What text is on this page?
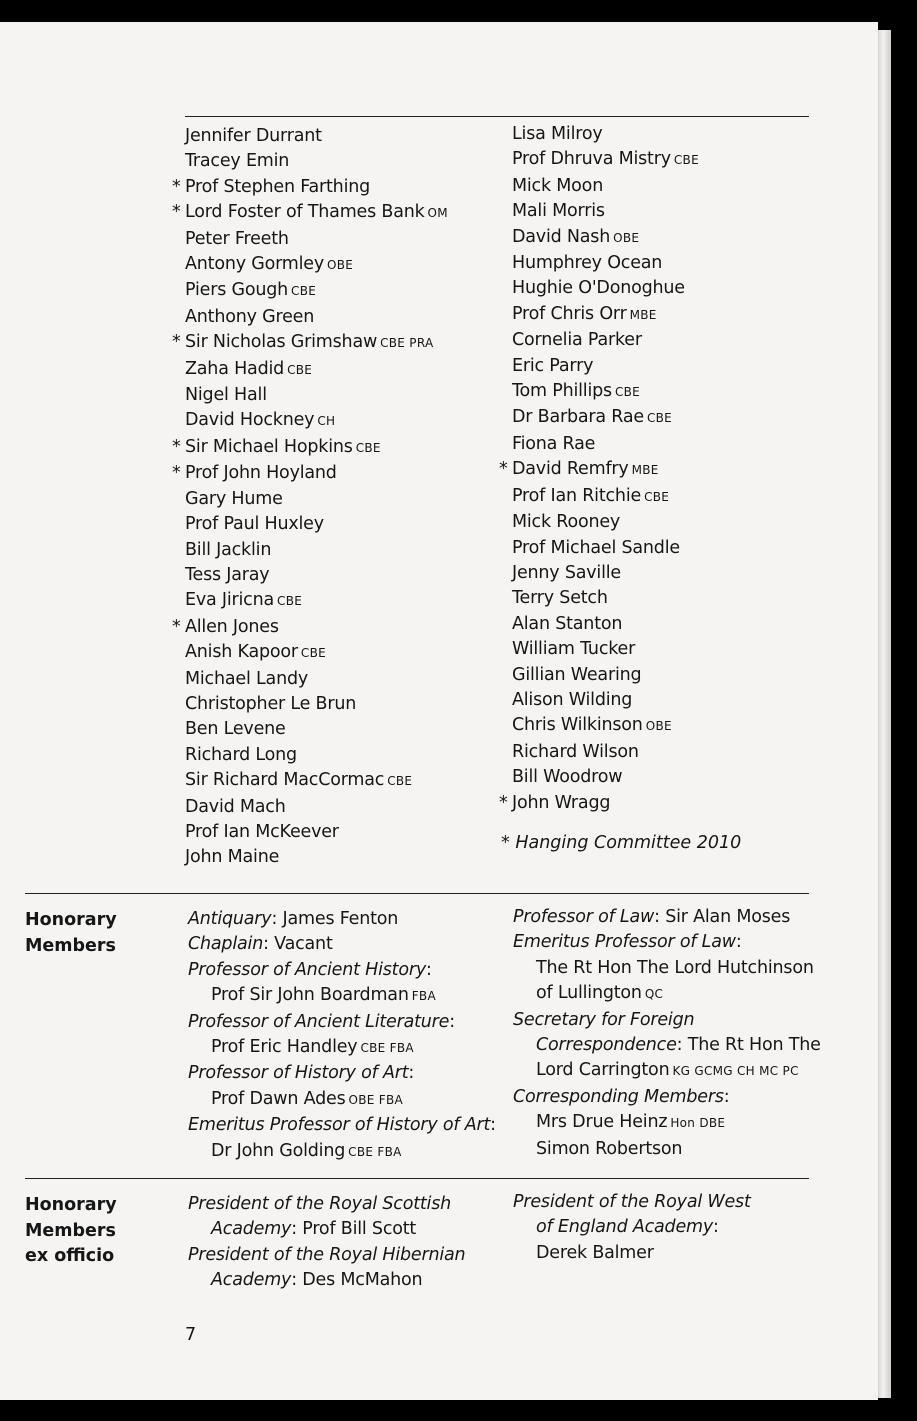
Jennifer Durrant
Tracey Emin
* Prof Stephen Farthing
* Lord Foster of Thames Bank OM
Peter Freeth
Antony Gormley OBE
Piers Gough CBE
Anthony Green
* Sir Nicholas Grimshaw CBE PRA
Zaha Hadid CBE
Nigel Hall
David Hockney CH
* Sir Michael Hopkins CBE
* Prof John Hoyland
Gary Hume
Prof Paul Huxley
Bill Jacklin
Tess Jaray
Eva Jiricna CBE
* Allen Jones
Anish Kapoor CBE
Michael Landy
Christopher Le Brun
Ben Levene
Richard Long
Sir Richard MacCormac CBE
David Mach
Prof Ian McKeever
John Maine
Lisa Milroy
Prof Dhruva Mistry CBE
Mick Moon
Mali Morris
David Nash OBE
Humphrey Ocean
Hughie O'Donoghue
Prof Chris Orr MBE
Cornelia Parker
Eric Parry
Tom Phillips CBE
Dr Barbara Rae CBE
Fiona Rae
* David Remfry MBE
Prof Ian Ritchie CBE
Mick Rooney
Prof Michael Sandle
Jenny Saville
Terry Setch
Alan Stanton
William Tucker
Gillian Wearing
Alison Wilding
Chris Wilkinson OBE
Richard Wilson
Bill Woodrow
* John Wragg
* Hanging Committee 2010
Honorary
Members
Antiquary: James Fenton
Chaplain: Vacant
Professor of Ancient History:
Prof Sir John Boardman FBA
Professor of Ancient Literature:
Prof Eric Handley CBE FBA
Professor of History of Art:
Prof Dawn Ades OBE FBA
Emeritus Professor of History of Art:
Dr John Golding CBE FBA
Professor of Law: Sir Alan Moses
Emeritus Professor of Law:
The Rt Hon The Lord Hutchinson
of Lullington QC
Secretary for Foreign
Correspondence: The Rt Hon The
Lord Carrington KG GCMG CH MC PC
Corresponding Members:
Mrs Drue Heinz Hon DBE
Simon Robertson
Honorary
Members
ex officio
President of the Royal Scottish
Academy: Prof Bill Scott
President of the Royal Hibernian
Academy: Des McMahon
President of the Royal West
of England Academy:
Derek Balmer
7
